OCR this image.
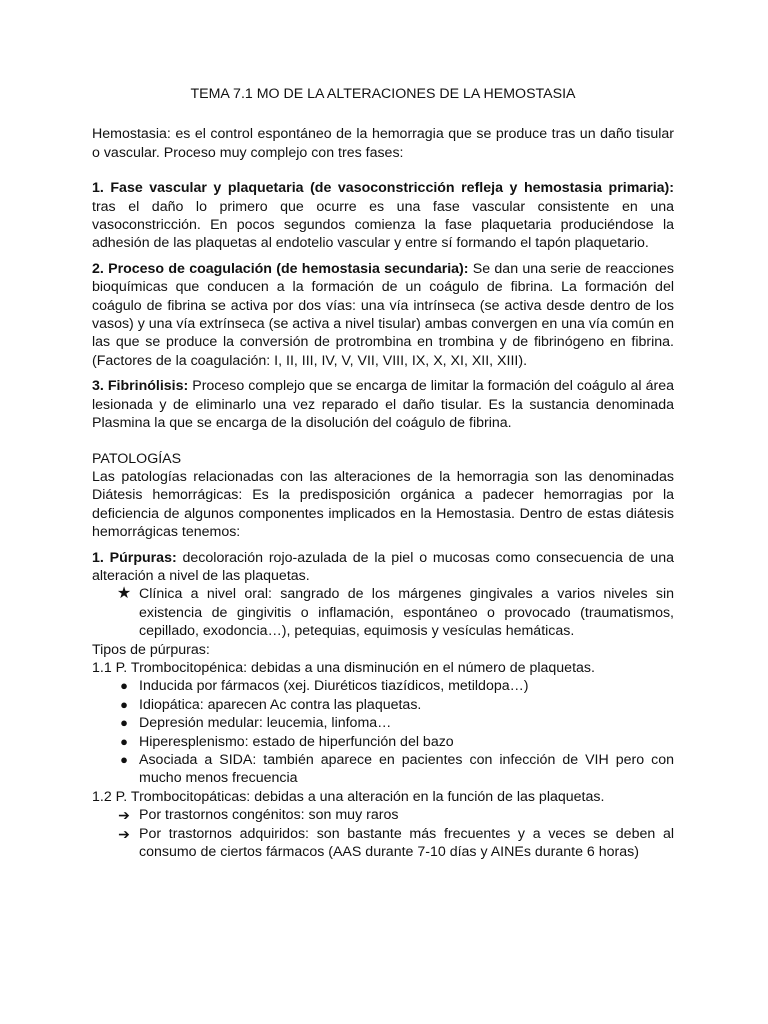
TEMA 7.1 MO DE LA ALTERACIONES DE LA HEMOSTASIA

Hemostasia: es el control espontáneo de la hemorragia que se produce tras un daño tisular o vascular. Proceso muy complejo con tres fases:

1. Fase vascular y plaquetaria (de vasoconstricción refleja y hemostasia primaria): tras el daño lo primero que ocurre es una fase vascular consistente en una vasoconstricción. En pocos segundos comienza la fase plaquetaria produciéndose la adhesión de las plaquetas al endotelio vascular y entre sí formando el tapón plaquetario.

2. Proceso de coagulación (de hemostasia secundaria): Se dan una serie de reacciones bioquímicas que conducen a la formación de un coágulo de fibrina. La formación del coágulo de fibrina se activa por dos vías: una vía intrínseca (se activa desde dentro de los vasos) y una vía extrínseca (se activa a nivel tisular) ambas convergen en una vía común en las que se produce la conversión de protrombina en trombina y de fibrinógeno en fibrina. (Factores de la coagulación: I, II, III, IV, V, VII, VIII, IX, X, XI, XII, XIII).

3. Fibrinólisis: Proceso complejo que se encarga de limitar la formación del coágulo al área lesionada y de eliminarlo una vez reparado el daño tisular. Es la sustancia denominada Plasmina la que se encarga de la disolución del coágulo de fibrina.

PATOLOGÍAS

Las patologías relacionadas con las alteraciones de la hemorragia son las denominadas Diátesis hemorrágicas: Es la predisposición orgánica a padecer hemorragias por la deficiencia de algunos componentes implicados en la Hemostasia. Dentro de estas diátesis hemorrágicas tenemos:

1. Púrpuras: decoloración rojo-azulada de la piel o mucosas como consecuencia de una alteración a nivel de las plaquetas.

★ Clínica a nivel oral: sangrado de los márgenes gingivales a varios niveles sin existencia de gingivitis o inflamación, espontáneo o provocado (traumatismos, cepillado, exodoncia…), petequias, equimosis y vesículas hemáticas.

Tipos de púrpuras:

1.1 P. Trombocitopénica: debidas a una disminución en el número de plaquetas.

● Inducida por fármacos (xej. Diuréticos tiazídicos, metildopa…)
● Idiopática: aparecen Ac contra las plaquetas.
● Depresión medular: leucemia, linfoma…
● Hiperesplenismo: estado de hiperfunción del bazo
● Asociada a SIDA: también aparece en pacientes con infección de VIH pero con mucho menos frecuencia

1.2 P. Trombocitopáticas: debidas a una alteración en la función de las plaquetas.

➔ Por trastornos congénitos: son muy raros
➔ Por trastornos adquiridos: son bastante más frecuentes y a veces se deben al consumo de ciertos fármacos (AAS durante 7-10 días y AINEs durante 6 horas)
